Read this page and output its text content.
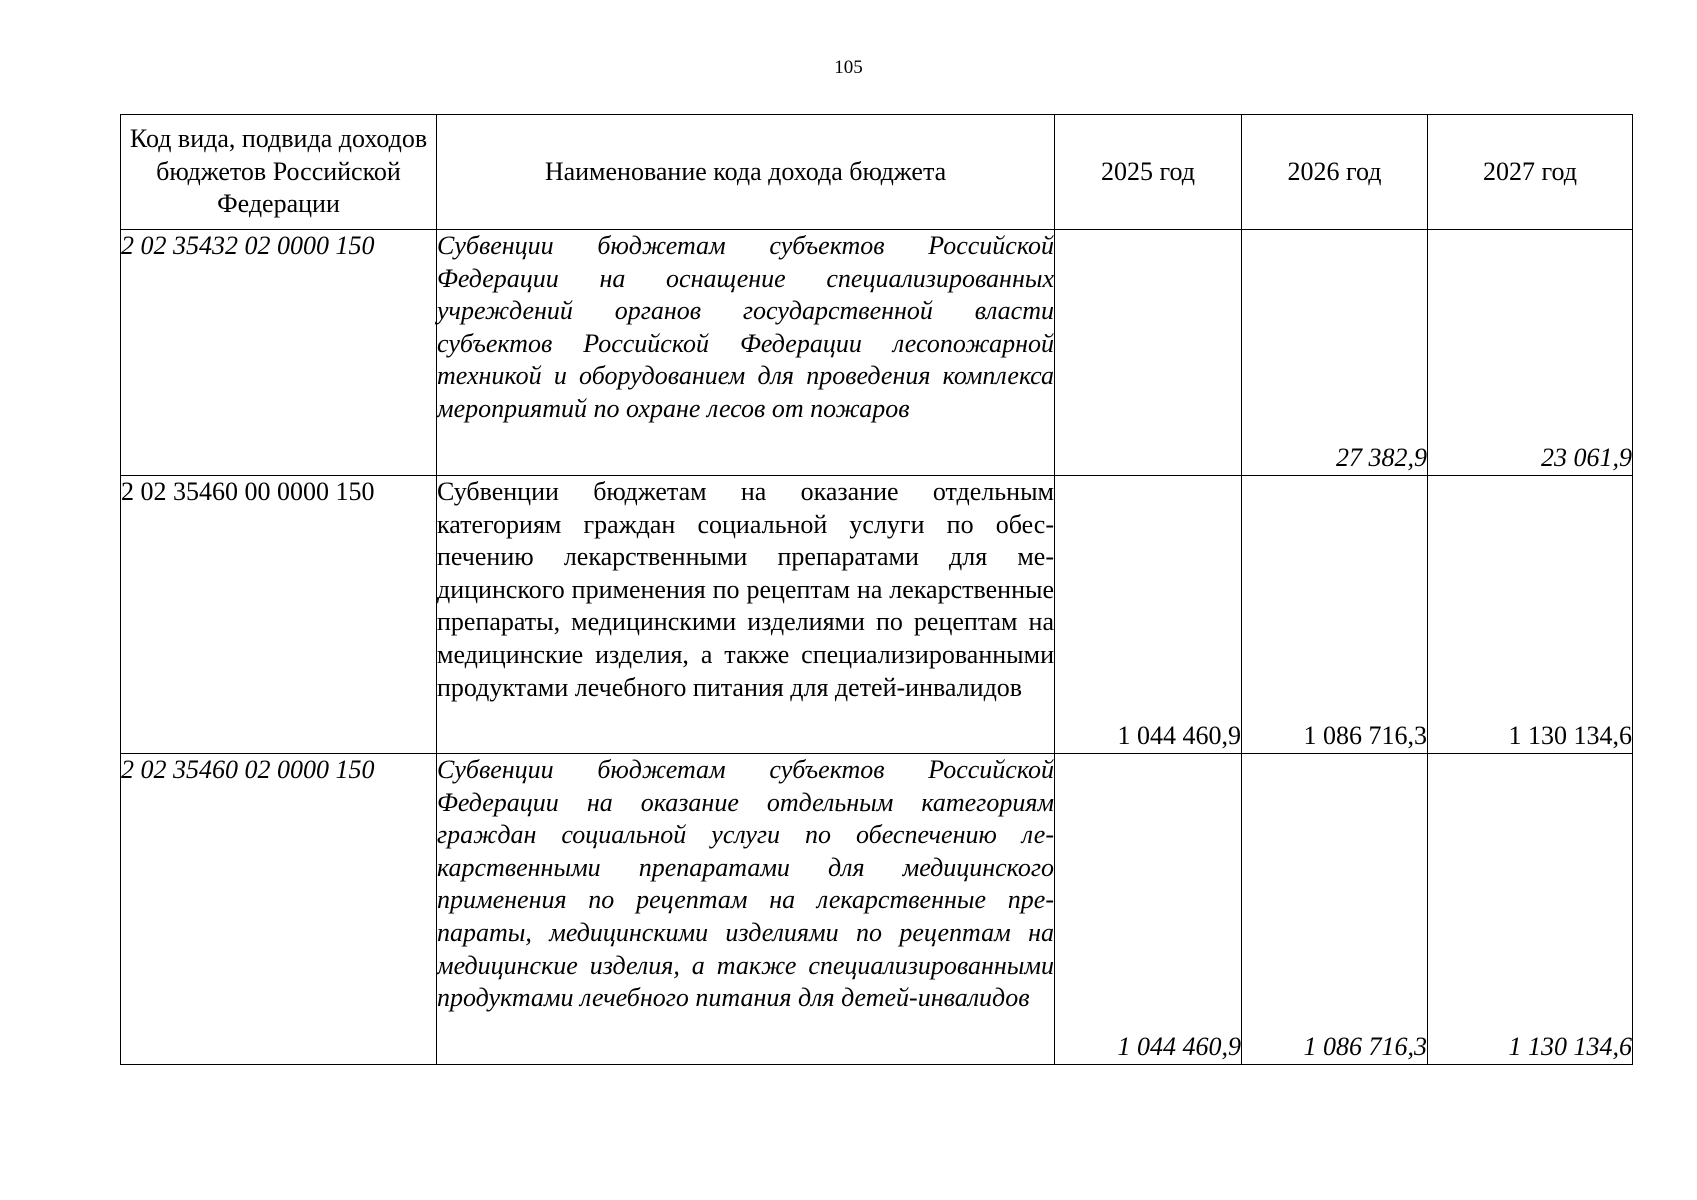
105
Код вида, подвида доходов бюджетов Российской Федерации	Наименование кода дохода бюджета	2025 год	2026 год	2027 год
2 02 35432 02 0000 150	Субвенции бюджетам субъектов Российской Федерации на оснащение специализированных учреждений органов государственной власти субъектов Российской Федерации лесопожарной техникой и оборудованием для проведения комплекса мероприятий по охране лесов от пожаров		27 382,9	23 061,9
2 02 35460 00 0000 150	Субвенции бюджетам на оказание отдельным категориям граждан социальной услуги по обеспечению лекарственными препаратами для медицинского применения по рецептам на лекарственные препараты, медицинскими изделиями по рецептам на медицинские изделия, а также специализированными продуктами лечебного питания для детей-инвалидов	1 044 460,9	1 086 716,3	1 130 134,6
2 02 35460 02 0000 150	Субвенции бюджетам субъектов Российской Федерации на оказание отдельным категориям граждан социальной услуги по обеспечению лекарственными препаратами для медицинского применения по рецептам на лекарственные препараты, медицинскими изделиями по рецептам на медицинские изделия, а также специализированными продуктами лечебного питания для детей-инвалидов	1 044 460,9	1 086 716,3	1 130 134,6
